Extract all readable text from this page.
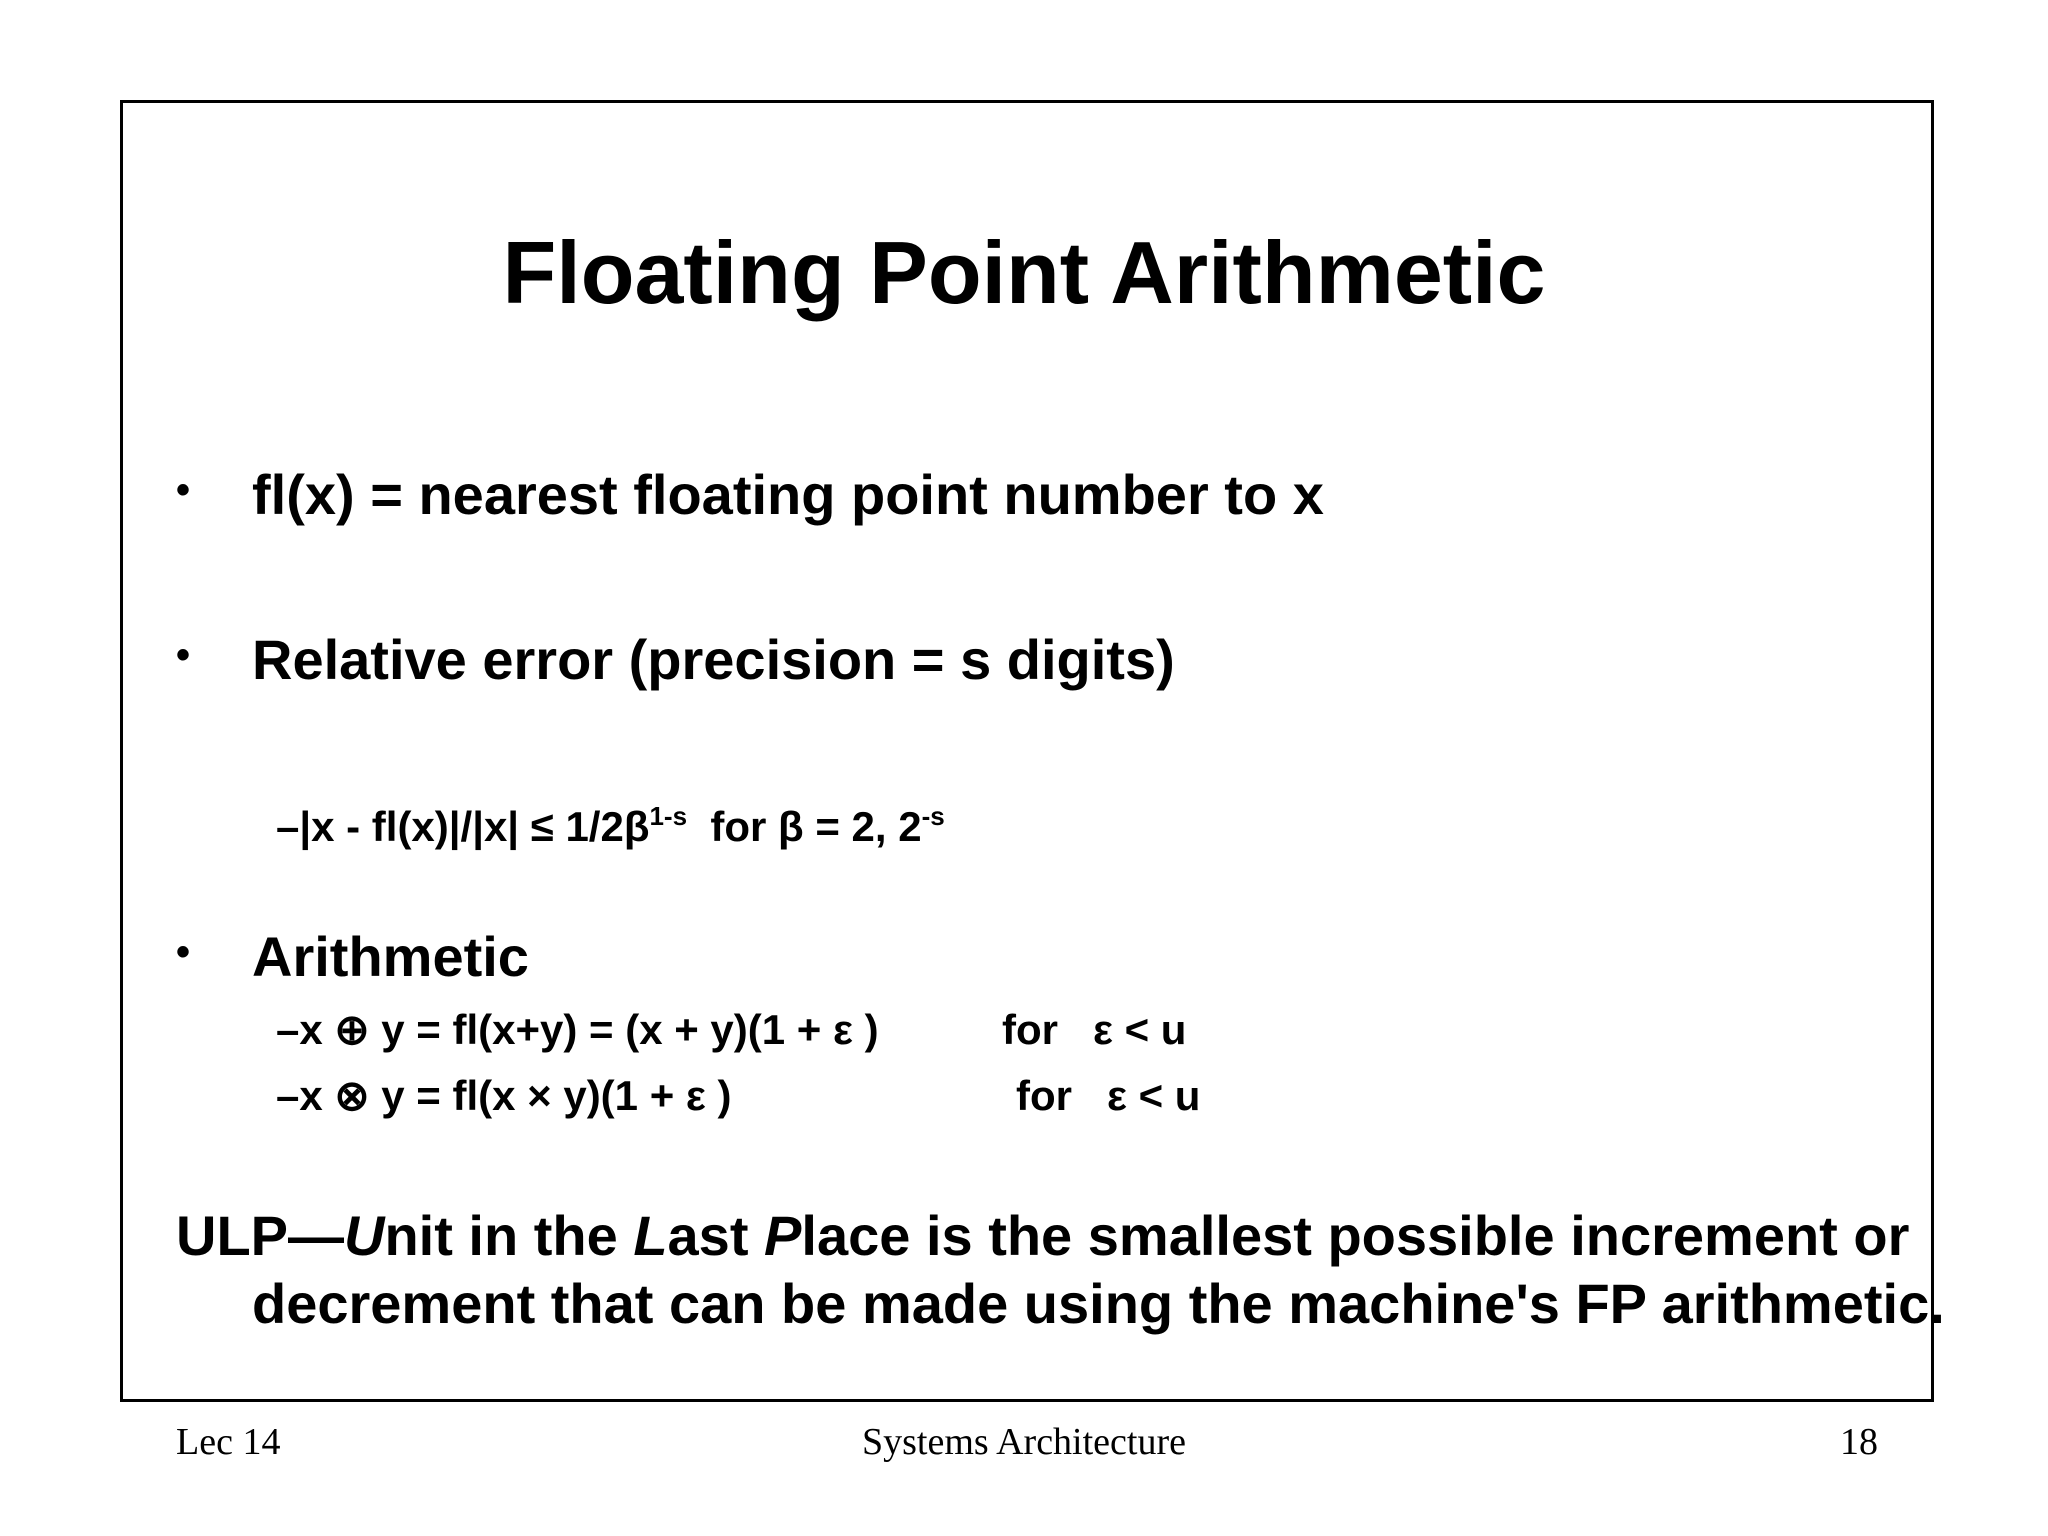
Floating Point Arithmetic
• fl(x) = nearest floating point number to x
• Relative error (precision = s digits)
$-|x - fl(x)|/|x| \le 1/2\beta^{1-s}$  for β = 2, $2^{-s}$
• Arithmetic
–x ⊕ y = fl(x+y) = (x + y)(1 + ε )	for   ε < u
–x ⊗ y = fl(x × y)(1 + ε )	for   ε < u
ULP—Unit in the Last Place is the smallest possible increment or decrement that can be made using the machine's FP arithmetic.
Lec 14	Systems Architecture	18
